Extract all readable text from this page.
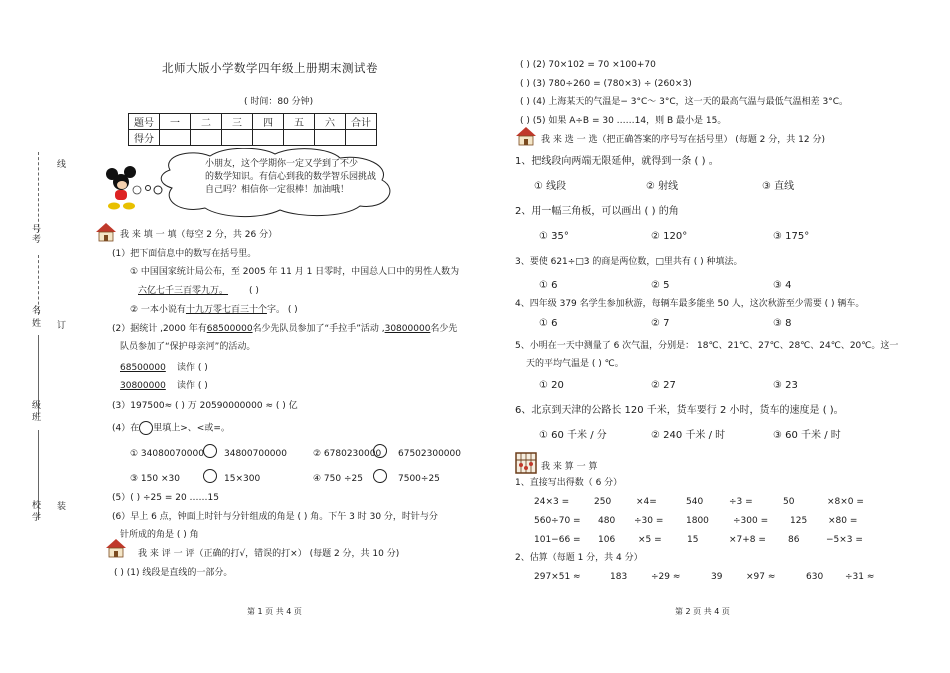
线
号
考
订
名
姓
级
班
装
校
学
北师大版小学数学四年级上册期末测试卷
( 时间：80 分钟)
题号	一	二	三	四	五	六	合计
得分							
小朋友，这个学期你一定又学到了不少
的数学知识。有信心到我的数学智乐园挑战
自己吗？相信你一定很棒！加油哦！
我 来 填 一 填（每空 2 分，共 26 分）
(1）把下面信息中的数写在括号里。
① 中国国家统计局公布，至 2005 年 11 月 1 日零时，中国总人口中的男性人数为
六亿七千三百零九万。 ( )
② 一本小说有十九万零七百三十个字。 ( )
(2）据统计 ,2000 年有68500000名少先队员参加了“手拉手”活动 ,30800000名少先
队员参加了“保护母亲河”的活动。
68500000 读作 ( )
30800000 读作 ( )
(3）197500≈ ( ) 万 20590000000 ≈ ( ) 亿
(4）在 里填上>、<或=。
① 34080070000 34800700000	② 6780230000 67502300000
③ 150 ×30	15×300	④ 750 ÷25	7500÷25
(5）( ) ÷25 = 20 ……15
(6）早上 6 点，钟面上时针与分针组成的角是 ( ) 角。下午 3 时 30 分，时针与分
针所成的角是 ( ) 角
我 来 评 一 评（正确的打√，错误的打×） (每题 2 分，共 10 分)
( ) (1) 线段是直线的一部分。
第 1 页 共 4 页
( ) (2) 70×102 = 70 ×100+70
( ) (3) 780÷260 = (780×3) ÷ (260×3)
( ) (4) 上海某天的气温是− 3°C～ 3°C，这一天的最高气温与最低气温相差 3°C。
( ) (5) 如果 A÷B = 30 ……14，则 B 最小是 15。
我 来 选 一 选（把正确答案的序号写在括号里） (每题 2 分，共 12 分)
1、把线段向两端无限延伸，就得到一条 ( ) 。
① 线段	② 射线	③ 直线
2、用一幅三角板，可以画出 ( ) 的角
① 35°	② 120°	③ 175°
3、要使 621÷□3 的商是两位数，□里共有 ( ) 种填法。
① 6	② 5	③ 4
4、四年级 379 名学生参加秋游，每辆车最多能坐 50 人，这次秋游至少需要 ( ) 辆车。
① 6	② 7	③ 8
5、小明在一天中测量了 6 次气温，分别是： 18℃、21℃、27℃、28℃、24℃、20℃。这一
天的平均气温是 ( ) ℃。
① 20	② 27	③ 23
6、北京到天津的公路长 120 千米，货车要行 2 小时，货车的速度是 ( )。
① 60 千米 / 分	② 240 千米 / 时	③ 60 千米 / 时
我 来 算 一 算
1、直接写出得数（ 6 分）
24×3 =	250	×4=	540	÷3 =	50	×8×0 =
560÷70 = 480 ÷30 =	1800	÷300 = 125 ×80 =
101−66 = 106	×5 =	15	×7+8 = 86	−5×3 =
2、估算（每题 1 分，共 4 分）
297×51 ≈	183	÷29 ≈	39	×97 ≈	630 ÷31 ≈
第 2 页 共 4 页
